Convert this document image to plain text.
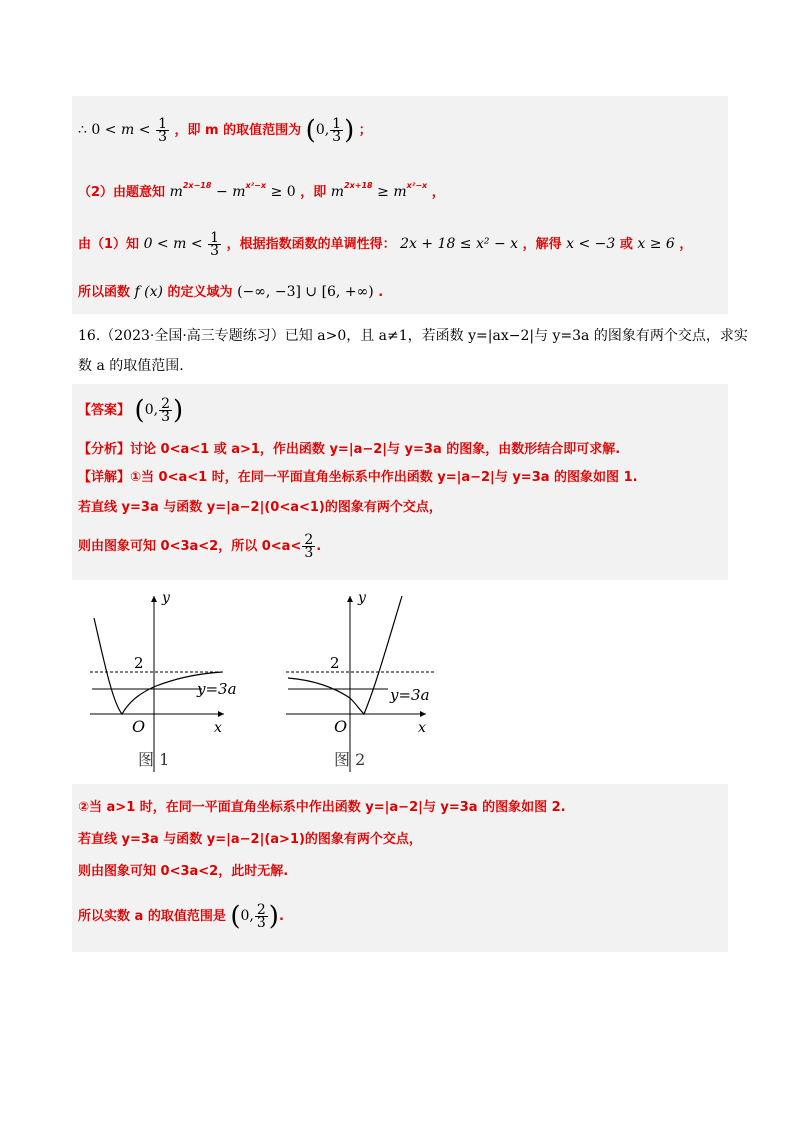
∴ $0 < m < \frac{1}{3}$ ，即 m 的取值范围为 (0, $\frac{1}{3}$ ) ；
（2）由题意知 $m^{2x-18} - m^{x^2-x} \ge 0$ ，即 $m^{2x+18} \ge m^{x^2-x}$ ，
由（1）知 $0 < m < \frac{1}{3}$ ，根据指数函数的单调性得： 2x + 18 ≤ x² − x ，解得 x < −3 或 x ≥ 6 ，
所以函数 f (x) 的定义域为 (−∞, −3] ∪ [6, +∞) .
16.（2023·全国·高三专题练习）已知 a>0，且 a≠1，若函数 y=|ax−2|与 y=3a 的图象有两个交点，求实
数 a 的取值范围.
【答案】 (0, $\frac{2}{3}$ )
【分析】讨论 0<a<1 或 a>1，作出函数 y=|a−2|与 y=3a 的图象，由数形结合即可求解.
【详解】①当 0<a<1 时，在同一平面直角坐标系中作出函数 y=|a−2|与 y=3a 的图象如图 1.
若直线 y=3a 与函数 y=|a−2|(0<a<1)的图象有两个交点，
则由图象可知 0<3a<2，所以 $0<a< \frac{2}{3}$ .
y
x
O
2
y=3a
图 1
y
x
O
2
y=3a
图 2
②当 a>1 时，在同一平面直角坐标系中作出函数 y=|a−2|与 y=3a 的图象如图 2.
若直线 y=3a 与函数 y=|a−2|(a>1)的图象有两个交点，
则由图象可知 0<3a<2，此时无解.
所以实数 a 的取值范围是 (0, $\frac{2}{3}$ ).
